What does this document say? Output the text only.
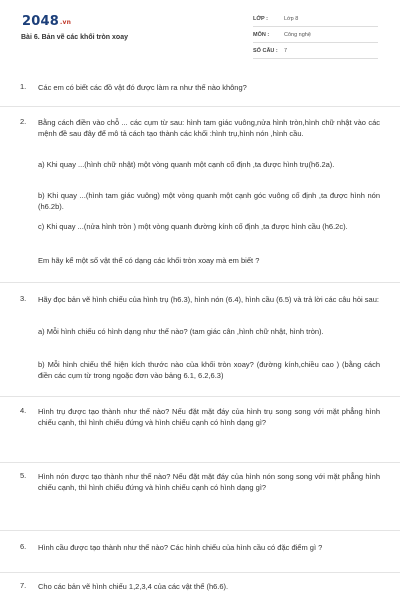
2048.vn
Bài 6. Bản vẽ các khối tròn xoay
LỚP :	Lớp 8
MÔN :	Công nghệ
SỐ CÂU : 7
1. Các em có biết các đồ vật đó được làm ra như thế nào không?
2. Bằng cách điền vào chỗ ... các cụm từ sau: hình tam giác vuông,nửa hình tròn,hình chữ nhật vào các mệnh đề sau đây để mô tả cách tạo thành các khối :hình trụ,hình nón ,hình cầu.
a) Khi quay ...(hình chữ nhật) một vòng quanh một cạnh cố định ,ta được hình trụ(h6.2a).
b) Khi quay ...(hình tam giác vuông) một vòng quanh một cạnh góc vuông cố định ,ta được hình nón (h6.2b).
c) Khi quay ...(nửa hình tròn ) một vòng quanh đường kính cố định ,ta được hình cầu (h6.2c).
Em hãy kể một số vật thể có dạng các khối tròn xoay mà em biết ?
3. Hãy đọc bản vẽ hình chiếu của hình trụ (h6.3), hình nón (6.4), hình cầu (6.5) và trả lời các câu hỏi sau:
a) Mỗi hình chiếu có hình dạng như thế nào? (tam giác cân ,hình chữ nhật, hình tròn).
b) Mỗi hình chiếu thể hiện kích thước nào của khối tròn xoay? (đường kính,chiều cao ) (bằng cách điền các cụm từ trong ngoặc đơn vào bảng 6.1, 6.2,6.3)
4. Hình trụ được tạo thành như thế nào? Nếu đặt mặt đáy của hình trụ song song với mặt phẳng hình chiếu cạnh, thì hình chiếu đứng và hình chiếu cạnh có hình dạng gì?
5. Hình nón được tạo thành như thế nào? Nếu đặt mặt đáy của hình nón song song với mặt phẳng hình chiếu cạnh, thì hình chiếu đứng và hình chiếu cạnh có hình dạng gì?
6. Hình cầu được tạo thành như thế nào? Các hình chiếu của hình cầu có đặc điểm gì ?
7. Cho các bản vẽ hình chiếu 1,2,3,4 của các vật thể (h6.6).
